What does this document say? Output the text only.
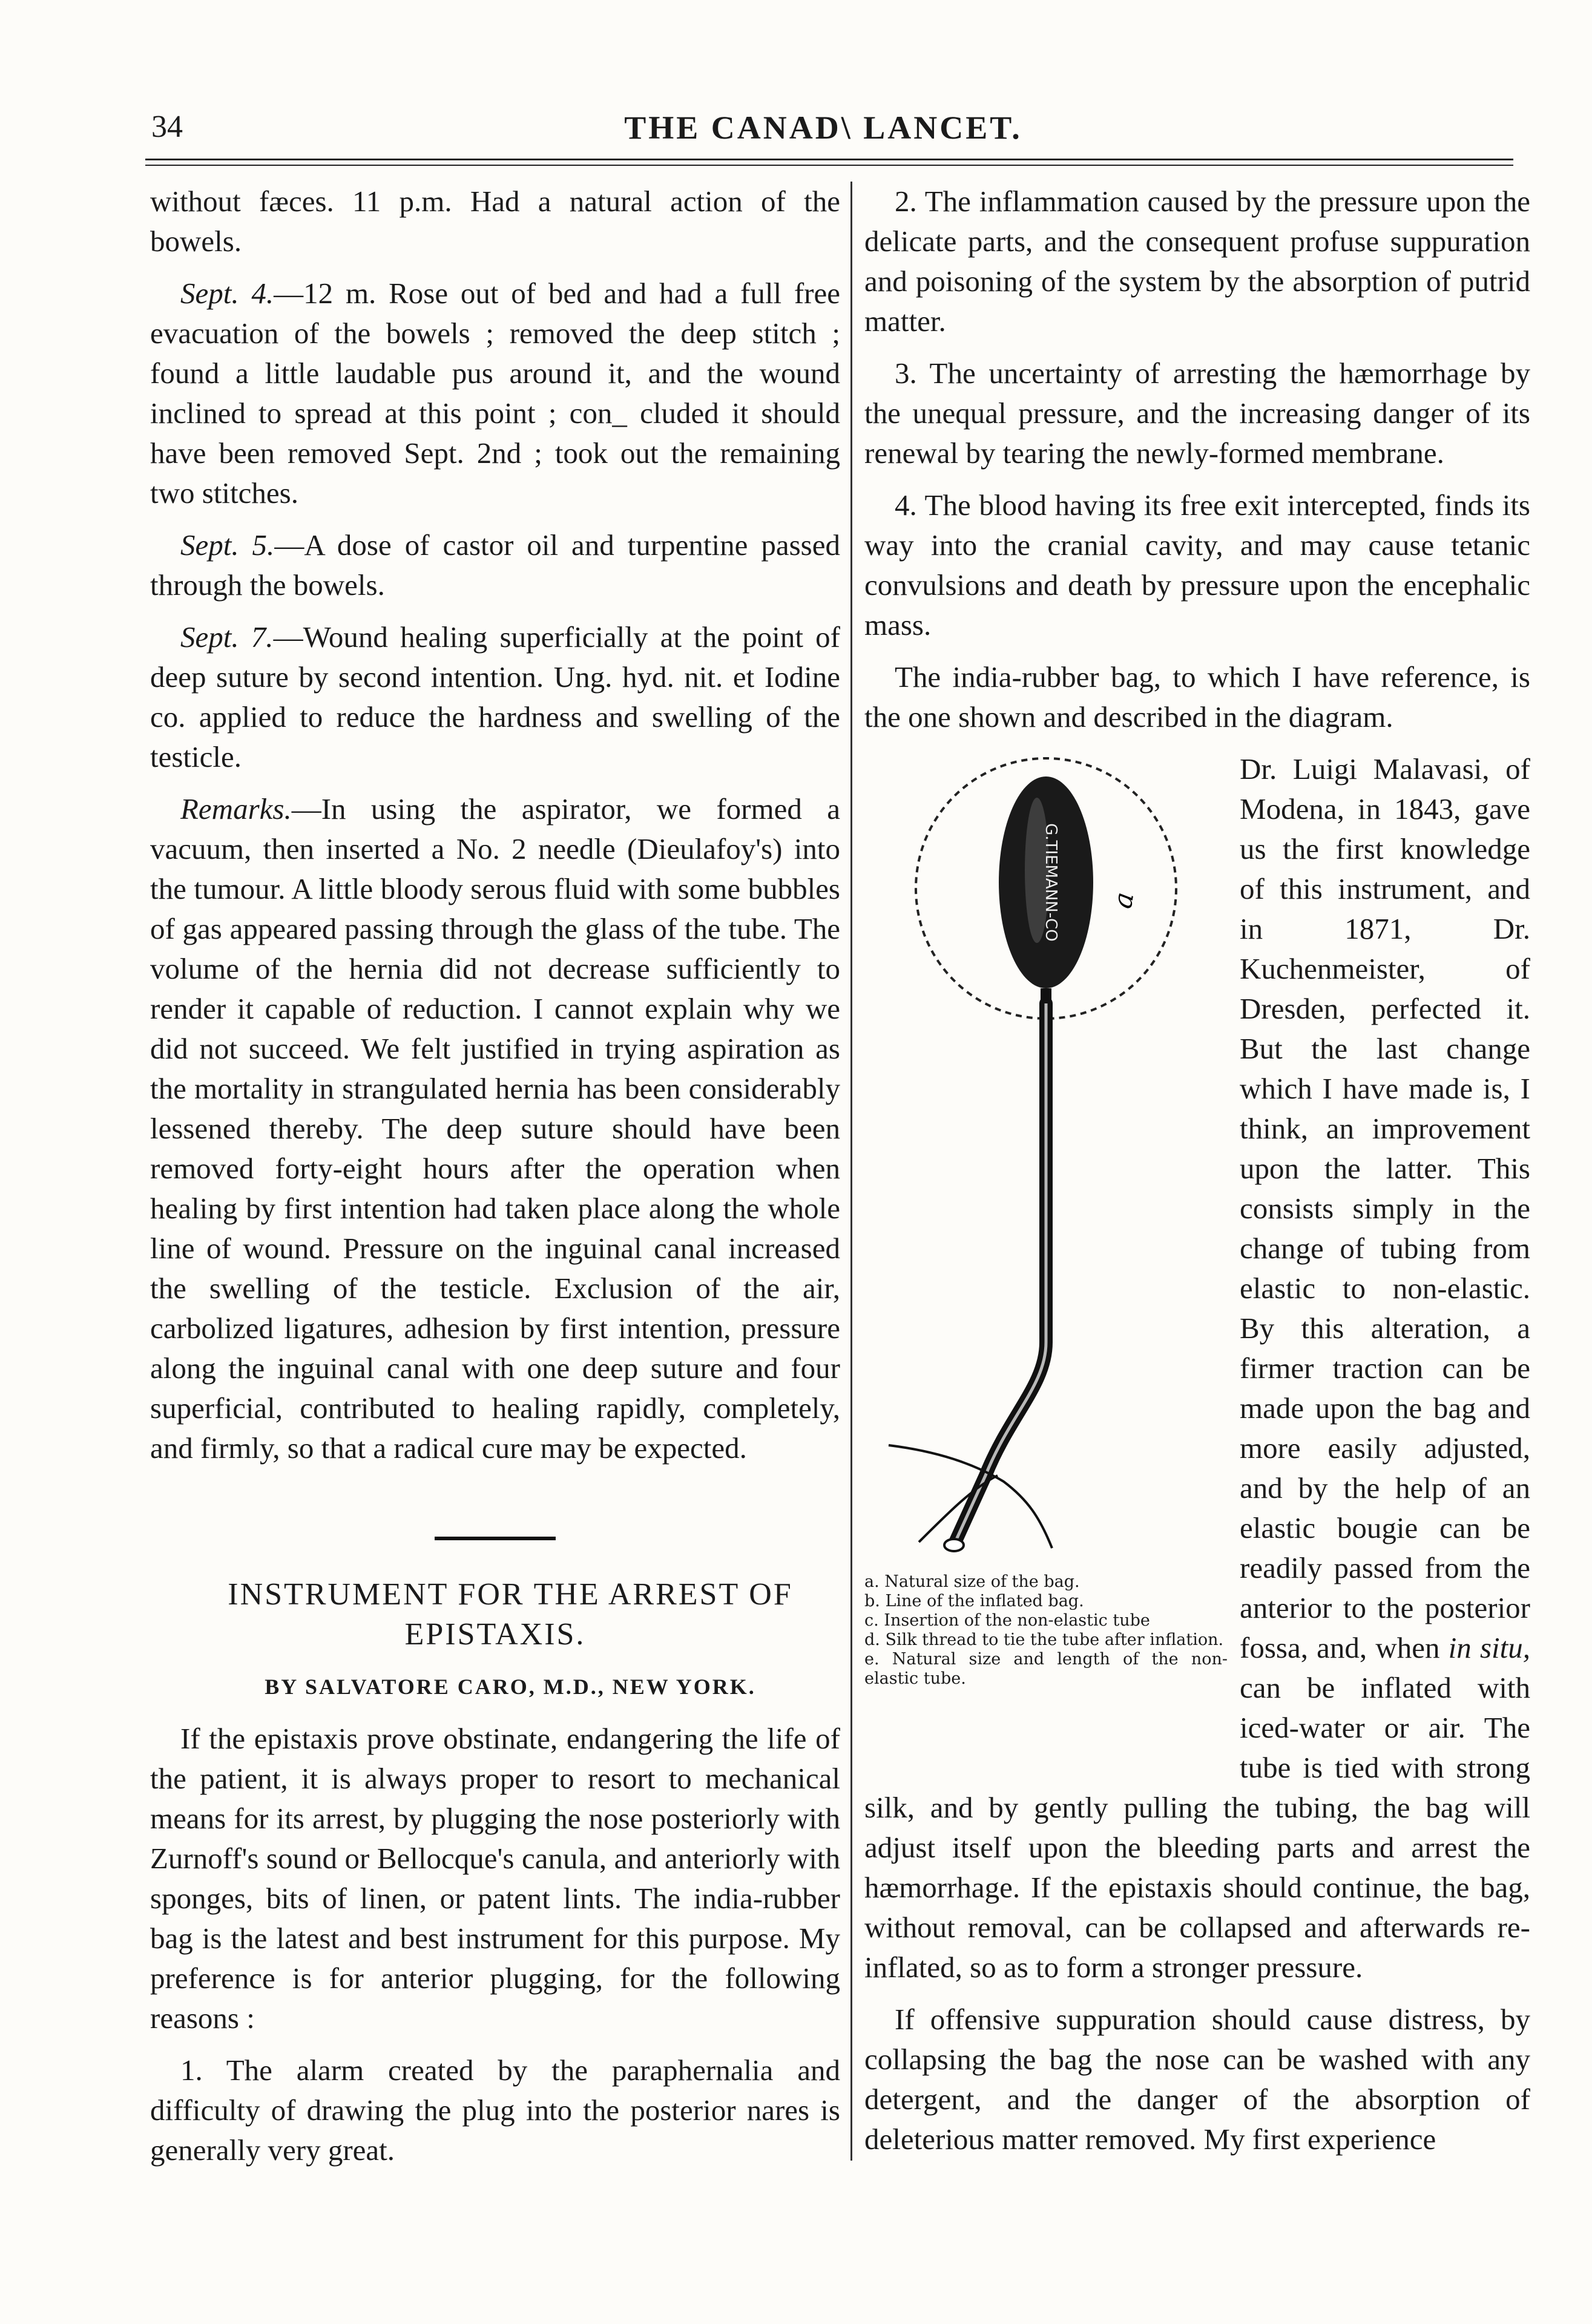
34	THE CANAD\ LANCET.

without fæces. 11 p.m. Had a natural action of the bowels.

Sept. 4.—12 m. Rose out of bed and had a full free evacuation of the bowels ; removed the deep stitch ; found a little laudable pus around it, and the wound inclined to spread at this point ; con_ cluded it should have been removed Sept. 2nd ; took out the remaining two stitches.

Sept. 5.—A dose of castor oil and turpentine passed through the bowels.

Sept. 7.—Wound healing superficially at the point of deep suture by second intention. Ung. hyd. nit. et Iodine co. applied to reduce the hardness and swelling of the testicle.

Remarks.—In using the aspirator, we formed a vacuum, then inserted a No. 2 needle (Dieulafoy's) into the tumour. A little bloody serous fluid with some bubbles of gas appeared passing through the glass of the tube. The volume of the hernia did not decrease sufficiently to render it capable of reduction. I cannot explain why we did not succeed. We felt justified in trying aspiration as the mortality in strangulated hernia has been considerably lessened thereby. The deep suture should have been removed forty-eight hours after the operation when healing by first intention had taken place along the whole line of wound. Pressure on the inguinal canal increased the swelling of the testicle. Exclusion of the air, carbolized ligatures, adhesion by first intention, pressure along the inguinal canal with one deep suture and four superficial, contributed to healing rapidly, completely, and firmly, so that a radical cure may be expected.

INSTRUMENT FOR THE ARREST OF EPISTAXIS.

BY SALVATORE CARO, M.D., NEW YORK.

If the epistaxis prove obstinate, endangering the life of the patient, it is always proper to resort to mechanical means for its arrest, by plugging the nose posteriorly with Zurnoff's sound or Bellocque's canula, and anteriorly with sponges, bits of linen, or patent lints. The india-rubber bag is the latest and best instrument for this purpose. My preference is for anterior plugging, for the following reasons :

1. The alarm created by the paraphernalia and difficulty of drawing the plug into the posterior nares is generally very great.

2. The inflammation caused by the pressure upon the delicate parts, and the consequent profuse suppuration and poisoning of the system by the absorption of putrid matter.

3. The uncertainty of arresting the hæmorrhage by the unequal pressure, and the increasing danger of its renewal by tearing the newly-formed membrane.

4. The blood having its free exit intercepted, finds its way into the cranial cavity, and may cause tetanic convulsions and death by pressure upon the encephalic mass.

The india-rubber bag, to which I have reference, is the one shown and described in the diagram.

G.TIEMANN-CO a
a. Natural size of the bag.
b. Line of the inflated bag.
c. Insertion of the non-elastic tube
d. Silk thread to tie the tube after inflation.
e. Natural size and length of the non-elastic tube.

Dr. Luigi Malavasi, of Modena, in 1843, gave us the first knowledge of this instrument, and in 1871, Dr. Kuchenmeister, of Dresden, perfected it. But the last change which I have made is, I think, an improvement upon the latter. This consists simply in the change of tubing from elastic to non-elastic. By this alteration, a firmer traction can be made upon the bag and more easily adjusted, and by the help of an elastic bougie can be readily passed from the anterior to the posterior fossa, and, when in situ, can be inflated with iced-water or air. The tube is tied with strong silk, and by gently pulling the tubing, the bag will adjust itself upon the bleeding parts and arrest the hæmorrhage. If the epistaxis should continue, the bag, without removal, can be collapsed and afterwards re-inflated, so as to form a stronger pressure.

If offensive suppuration should cause distress, by collapsing the bag the nose can be washed with any detergent, and the danger of the absorption of deleterious matter removed. My first experience
